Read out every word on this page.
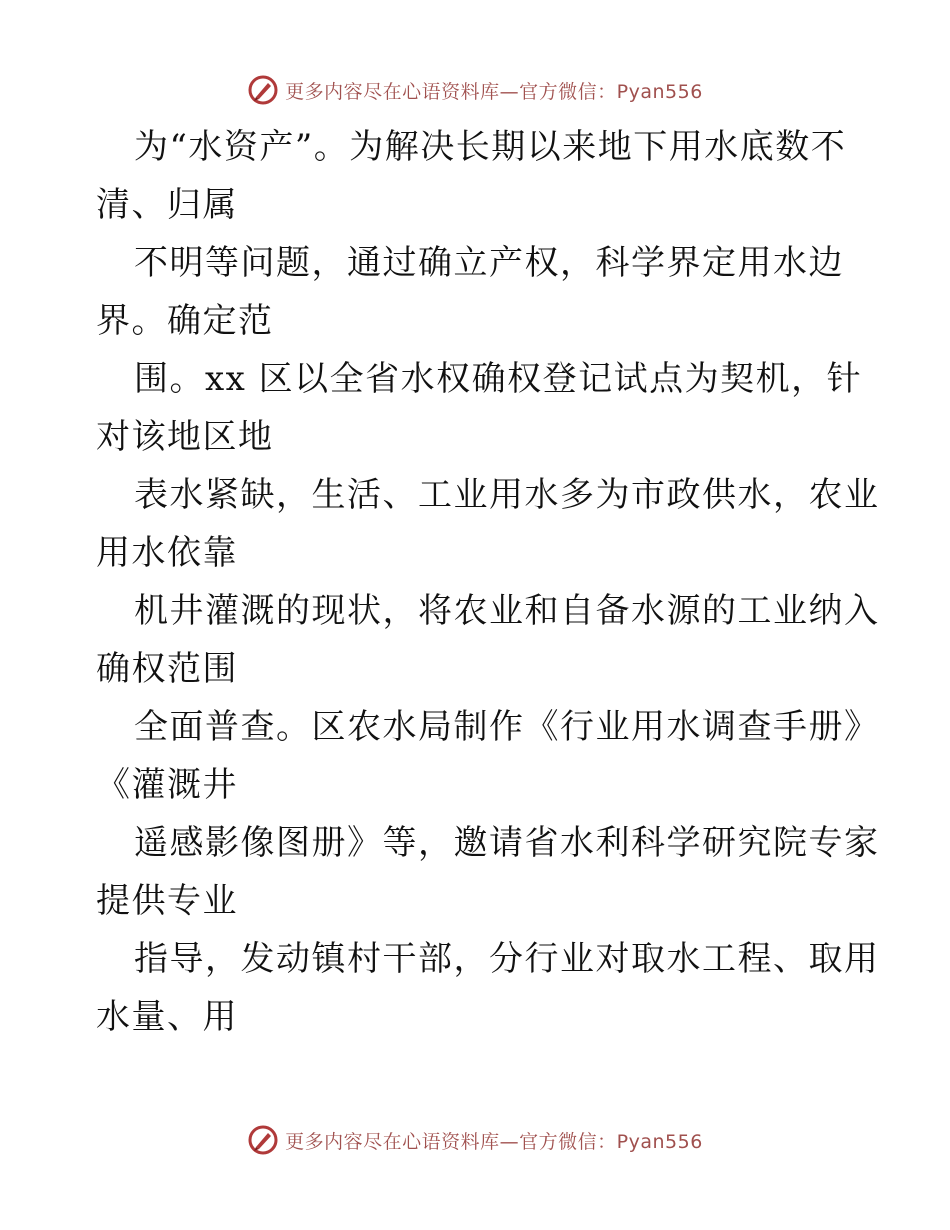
更多内容尽在心语资料库—官方微信：Pyan556
为“水资产”。为解决长期以来地下用水底数不
清、归属
不明等问题，通过确立产权，科学界定用水边
界。确定范
围。xx 区以全省水权确权登记试点为契机，针
对该地区地
表水紧缺，生活、工业用水多为市政供水，农业
用水依靠
机井灌溉的现状，将农业和自备水源的工业纳入
确权范围
全面普查。区农水局制作《行业用水调查手册》
《灌溉井
遥感影像图册》等，邀请省水利科学研究院专家
提供专业
指导，发动镇村干部，分行业对取水工程、取用
水量、用
更多内容尽在心语资料库—官方微信：Pyan556
